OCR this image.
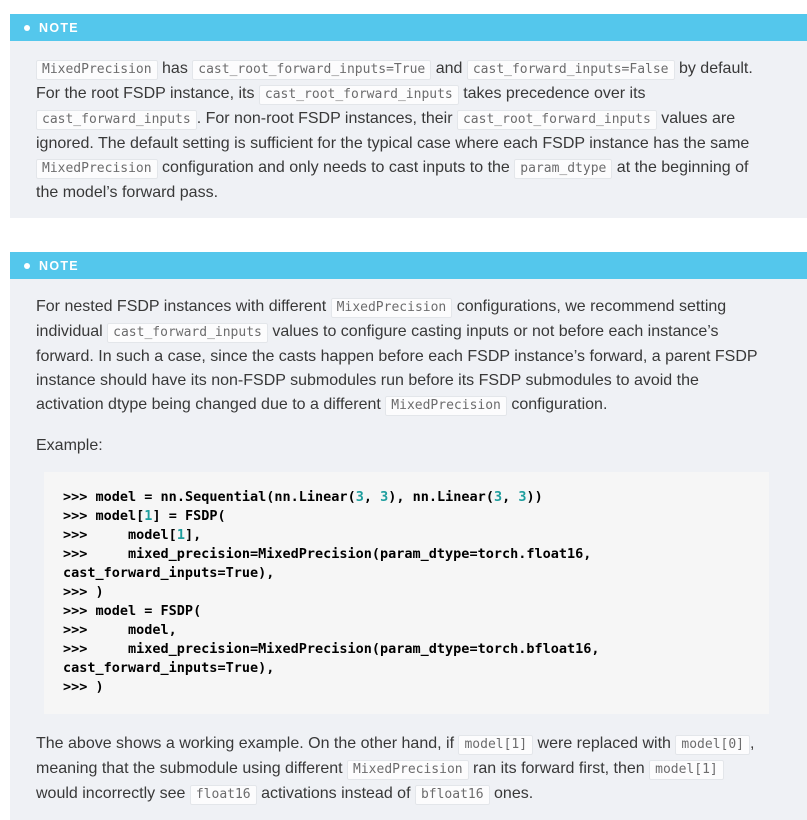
NOTE

MixedPrecision has cast_root_forward_inputs=True and cast_forward_inputs=False by default. For the root FSDP instance, its cast_root_forward_inputs takes precedence over its cast_forward_inputs . For non-root FSDP instances, their cast_root_forward_inputs values are ignored. The default setting is sufficient for the typical case where each FSDP instance has the same MixedPrecision configuration and only needs to cast inputs to the param_dtype at the beginning of the model’s forward pass.

NOTE

For nested FSDP instances with different MixedPrecision configurations, we recommend setting individual cast_forward_inputs values to configure casting inputs or not before each instance’s forward. In such a case, since the casts happen before each FSDP instance’s forward, a parent FSDP instance should have its non-FSDP submodules run before its FSDP submodules to avoid the activation dtype being changed due to a different MixedPrecision configuration.

Example:

>>> model = nn.Sequential(nn.Linear(3, 3), nn.Linear(3, 3))
>>> model[1] = FSDP(
>>>     model[1],
>>>     mixed_precision=MixedPrecision(param_dtype=torch.float16,
cast_forward_inputs=True),
>>> )
>>> model = FSDP(
>>>     model,
>>>     mixed_precision=MixedPrecision(param_dtype=torch.bfloat16,
cast_forward_inputs=True),
>>> )

The above shows a working example. On the other hand, if model[1] were replaced with model[0] , meaning that the submodule using different MixedPrecision ran its forward first, then model[1] would incorrectly see float16 activations instead of bfloat16 ones.
